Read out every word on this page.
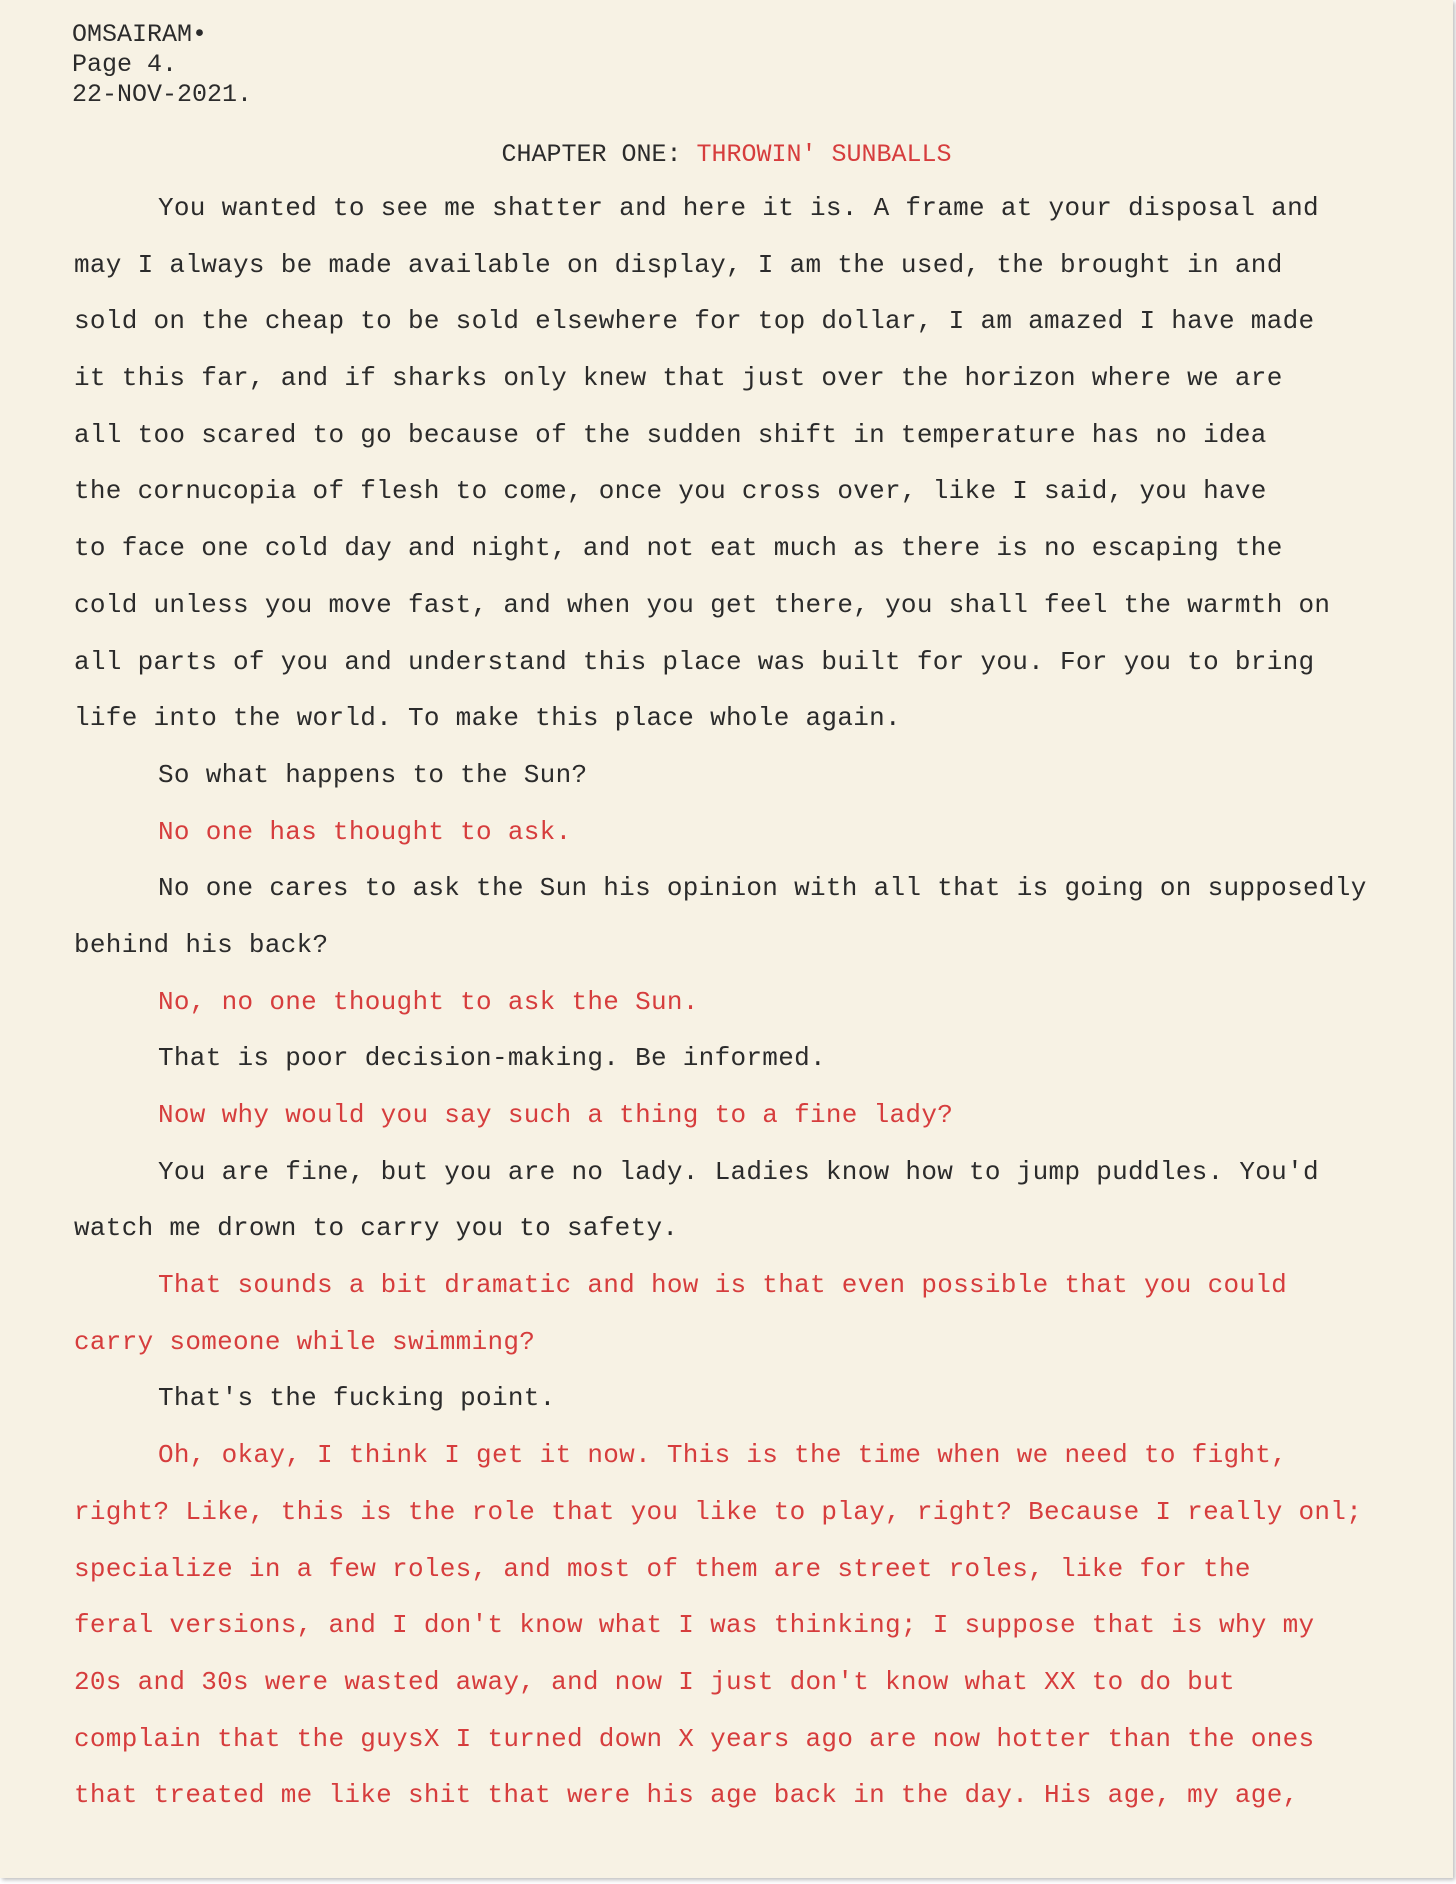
OMSAIRAM•
Page 4.
22-NOV-2021.
CHAPTER ONE: THROWIN' SUNBALLS
You wanted to see me shatter and here it is. A frame at your disposal and
may I always be made available on display, I am the used, the brought in and
sold on the cheap to be sold elsewhere for top dollar, I am amazed I have made
it this far, and if sharks only knew that just over the horizon where we are
all too scared to go because of the sudden shift in temperature has no idea
the cornucopia of flesh to come, once you cross over, like I said, you have
to face one cold day and night, and not eat much as there is no escaping the
cold unless you move fast, and when you get there, you shall feel the warmth on
all parts of you and understand this place was built for you. For you to bring
life into the world. To make this place whole again.
So what happens to the Sun?
No one has thought to ask.
No one cares to ask the Sun his opinion with all that is going on supposedly
behind his back?
No, no one thought to ask the Sun.
That is poor decision-making. Be informed.
Now why would you say such a thing to a fine lady?
You are fine, but you are no lady. Ladies know how to jump puddles. You'd
watch me drown to carry you to safety.
That sounds a bit dramatic and how is that even possible that you could
carry someone while swimming?
That's the fucking point.
Oh, okay, I think I get it now. This is the time when we need to fight,
right? Like, this is the role that you like to play, right? Because I really onl;
specialize in a few roles, and most of them are street roles, like for the
feral versions, and I don't know what I was thinking; I suppose that is why my
20s and 30s were wasted away, and now I just don't know what XX to do but
complain that the guysX I turned down X years ago are now hotter than the ones
that treated me like shit that were his age back in the day. His age, my age,
